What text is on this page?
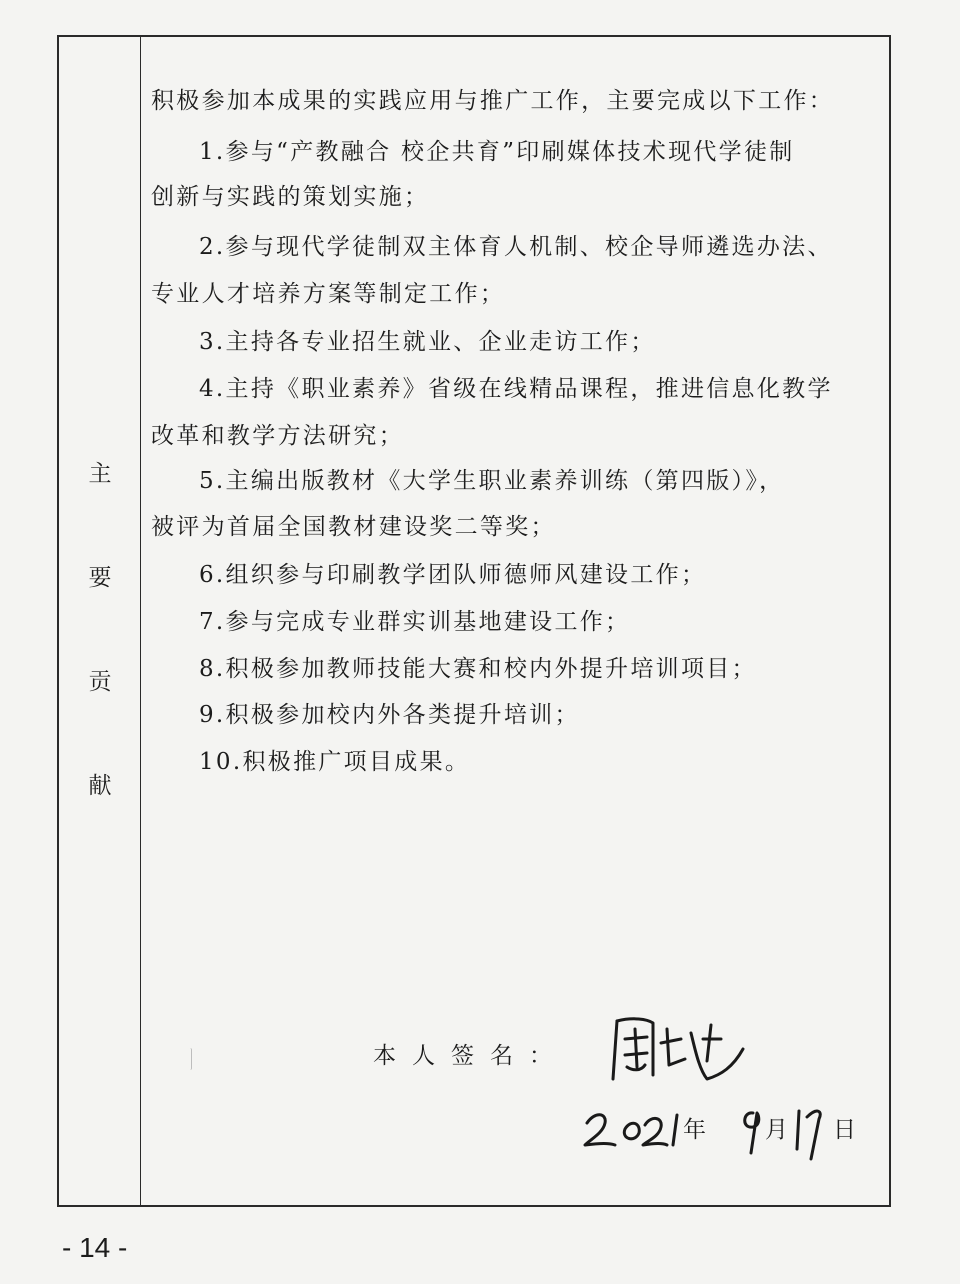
主
要
贡
献
积极参加本成果的实践应用与推广工作，主要完成以下工作：
1.参与“产教融合 校企共育”印刷媒体技术现代学徒制
创新与实践的策划实施；
2.参与现代学徒制双主体育人机制、校企导师遴选办法、
专业人才培养方案等制定工作；
3.主持各专业招生就业、企业走访工作；
4.主持《职业素养》省级在线精品课程，推进信息化教学
改革和教学方法研究；
5.主编出版教材《大学生职业素养训练（第四版）》，
被评为首届全国教材建设奖二等奖；
6.组织参与印刷教学团队师德师风建设工作；
7.参与完成专业群实训基地建设工作；
8.积极参加教师技能大赛和校内外提升培训项目；
9.积极参加校内外各类提升培训；
10.积极推广项目成果。
本人签名：
年	月 日
- 14 -
